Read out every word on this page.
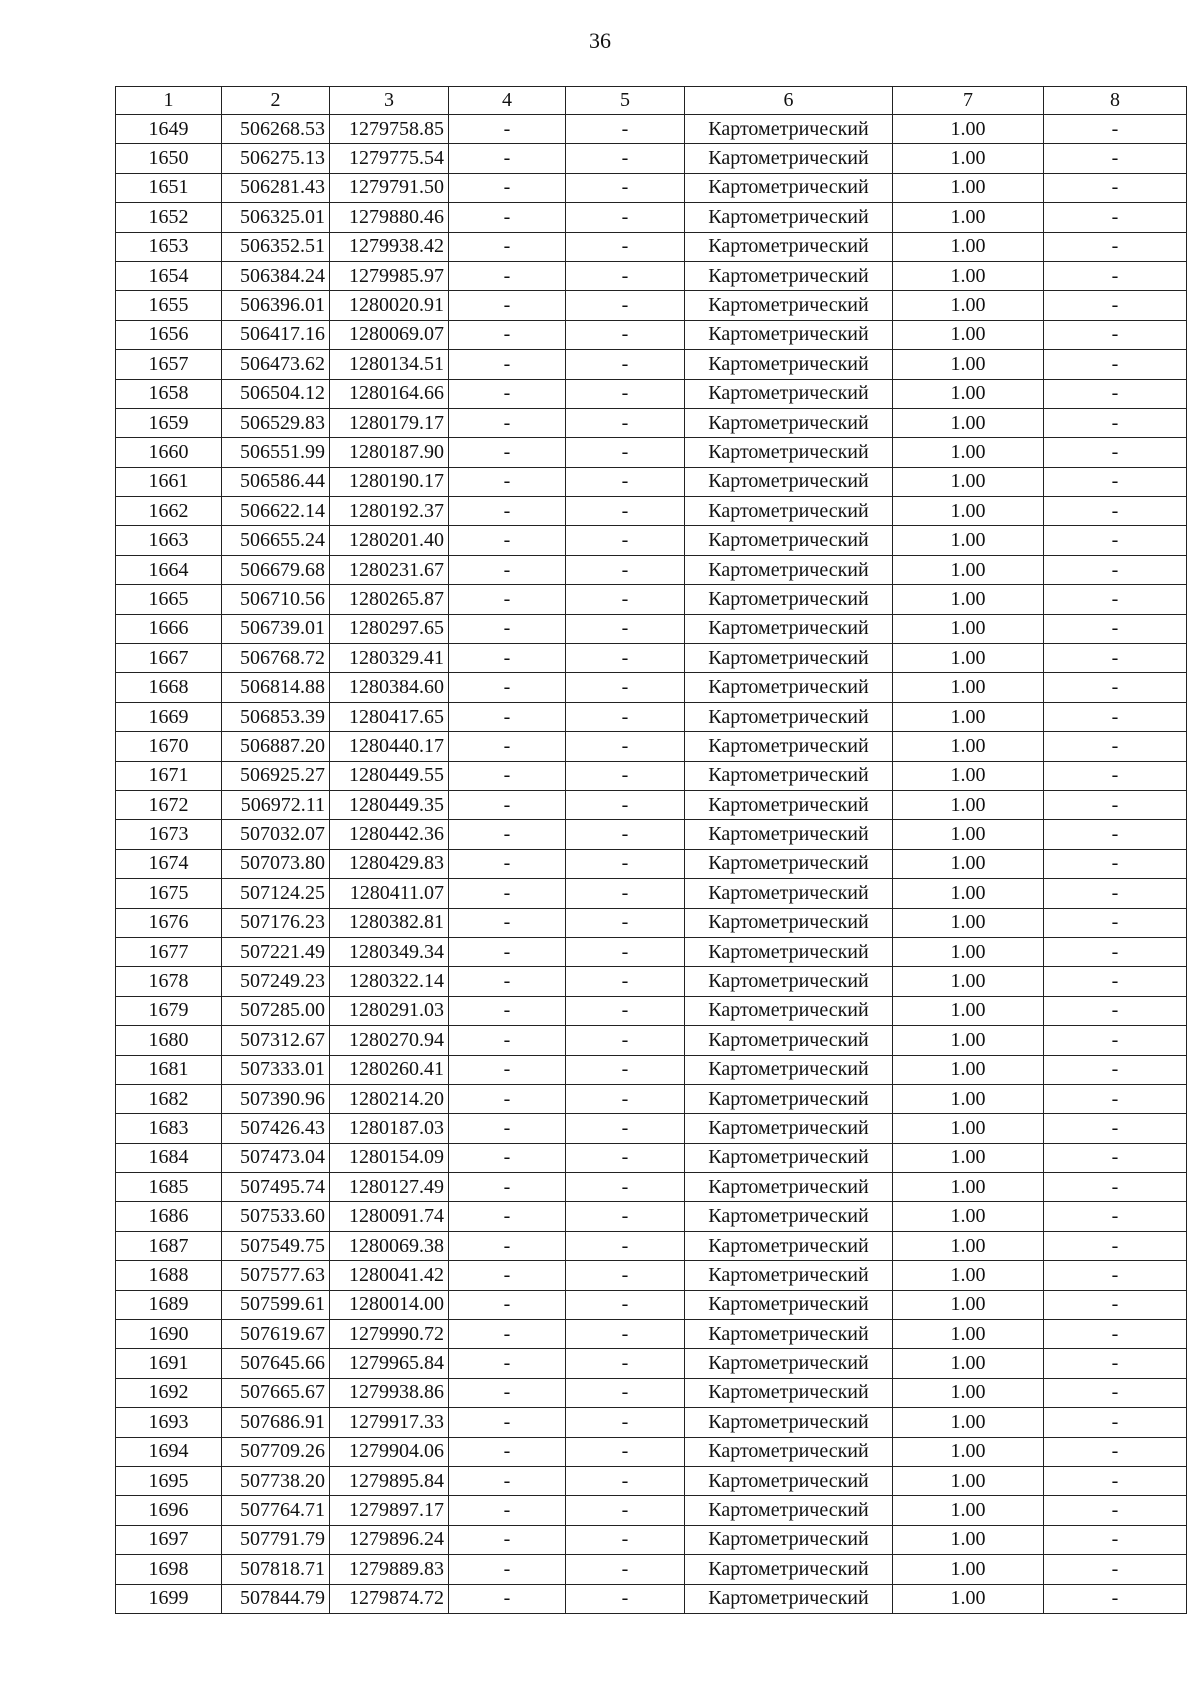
36
1	2	3	4	5	6	7	8
1649	506268.53	1279758.85	-	-	Картометрический	1.00	-
1650	506275.13	1279775.54	-	-	Картометрический	1.00	-
1651	506281.43	1279791.50	-	-	Картометрический	1.00	-
1652	506325.01	1279880.46	-	-	Картометрический	1.00	-
1653	506352.51	1279938.42	-	-	Картометрический	1.00	-
1654	506384.24	1279985.97	-	-	Картометрический	1.00	-
1655	506396.01	1280020.91	-	-	Картометрический	1.00	-
1656	506417.16	1280069.07	-	-	Картометрический	1.00	-
1657	506473.62	1280134.51	-	-	Картометрический	1.00	-
1658	506504.12	1280164.66	-	-	Картометрический	1.00	-
1659	506529.83	1280179.17	-	-	Картометрический	1.00	-
1660	506551.99	1280187.90	-	-	Картометрический	1.00	-
1661	506586.44	1280190.17	-	-	Картометрический	1.00	-
1662	506622.14	1280192.37	-	-	Картометрический	1.00	-
1663	506655.24	1280201.40	-	-	Картометрический	1.00	-
1664	506679.68	1280231.67	-	-	Картометрический	1.00	-
1665	506710.56	1280265.87	-	-	Картометрический	1.00	-
1666	506739.01	1280297.65	-	-	Картометрический	1.00	-
1667	506768.72	1280329.41	-	-	Картометрический	1.00	-
1668	506814.88	1280384.60	-	-	Картометрический	1.00	-
1669	506853.39	1280417.65	-	-	Картометрический	1.00	-
1670	506887.20	1280440.17	-	-	Картометрический	1.00	-
1671	506925.27	1280449.55	-	-	Картометрический	1.00	-
1672	506972.11	1280449.35	-	-	Картометрический	1.00	-
1673	507032.07	1280442.36	-	-	Картометрический	1.00	-
1674	507073.80	1280429.83	-	-	Картометрический	1.00	-
1675	507124.25	1280411.07	-	-	Картометрический	1.00	-
1676	507176.23	1280382.81	-	-	Картометрический	1.00	-
1677	507221.49	1280349.34	-	-	Картометрический	1.00	-
1678	507249.23	1280322.14	-	-	Картометрический	1.00	-
1679	507285.00	1280291.03	-	-	Картометрический	1.00	-
1680	507312.67	1280270.94	-	-	Картометрический	1.00	-
1681	507333.01	1280260.41	-	-	Картометрический	1.00	-
1682	507390.96	1280214.20	-	-	Картометрический	1.00	-
1683	507426.43	1280187.03	-	-	Картометрический	1.00	-
1684	507473.04	1280154.09	-	-	Картометрический	1.00	-
1685	507495.74	1280127.49	-	-	Картометрический	1.00	-
1686	507533.60	1280091.74	-	-	Картометрический	1.00	-
1687	507549.75	1280069.38	-	-	Картометрический	1.00	-
1688	507577.63	1280041.42	-	-	Картометрический	1.00	-
1689	507599.61	1280014.00	-	-	Картометрический	1.00	-
1690	507619.67	1279990.72	-	-	Картометрический	1.00	-
1691	507645.66	1279965.84	-	-	Картометрический	1.00	-
1692	507665.67	1279938.86	-	-	Картометрический	1.00	-
1693	507686.91	1279917.33	-	-	Картометрический	1.00	-
1694	507709.26	1279904.06	-	-	Картометрический	1.00	-
1695	507738.20	1279895.84	-	-	Картометрический	1.00	-
1696	507764.71	1279897.17	-	-	Картометрический	1.00	-
1697	507791.79	1279896.24	-	-	Картометрический	1.00	-
1698	507818.71	1279889.83	-	-	Картометрический	1.00	-
1699	507844.79	1279874.72	-	-	Картометрический	1.00	-
